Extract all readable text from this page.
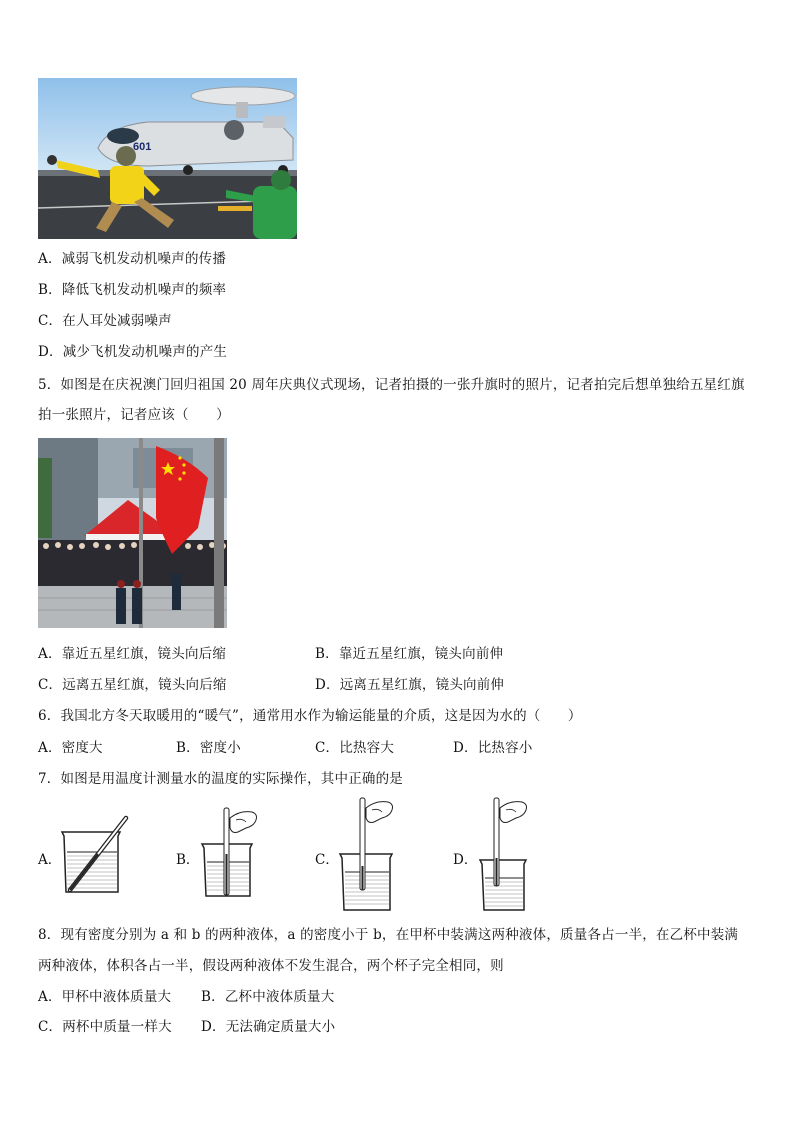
601
A．减弱飞机发动机噪声的传播
B．降低飞机发动机噪声的频率
C．在人耳处减弱噪声
D．减少飞机发动机噪声的产生
5．如图是在庆祝澳门回归祖国 20 周年庆典仪式现场，记者拍摄的一张升旗时的照片，记者拍完后想单独给五星红旗
拍一张照片，记者应该（　　）
A．靠近五星红旗，镜头向后缩	B．靠近五星红旗，镜头向前伸
C．远离五星红旗，镜头向后缩	D．远离五星红旗，镜头向前伸
6．我国北方冬天取暖用的“暖气”，通常用水作为输运能量的介质，这是因为水的（　　）
A．密度大	B．密度小	C．比热容大	D．比热容小
7．如图是用温度计测量水的温度的实际操作，其中正确的是
A．	B．	C．	D．
8．现有密度分别为 a 和 b 的两种液体，a 的密度小于 b，在甲杯中装满这两种液体，质量各占一半，在乙杯中装满
两种液体，体积各占一半，假设两种液体不发生混合，两个杯子完全相同，则
A．甲杯中液体质量大 B．乙杯中液体质量大
C．两杯中质量一样大 D．无法确定质量大小
